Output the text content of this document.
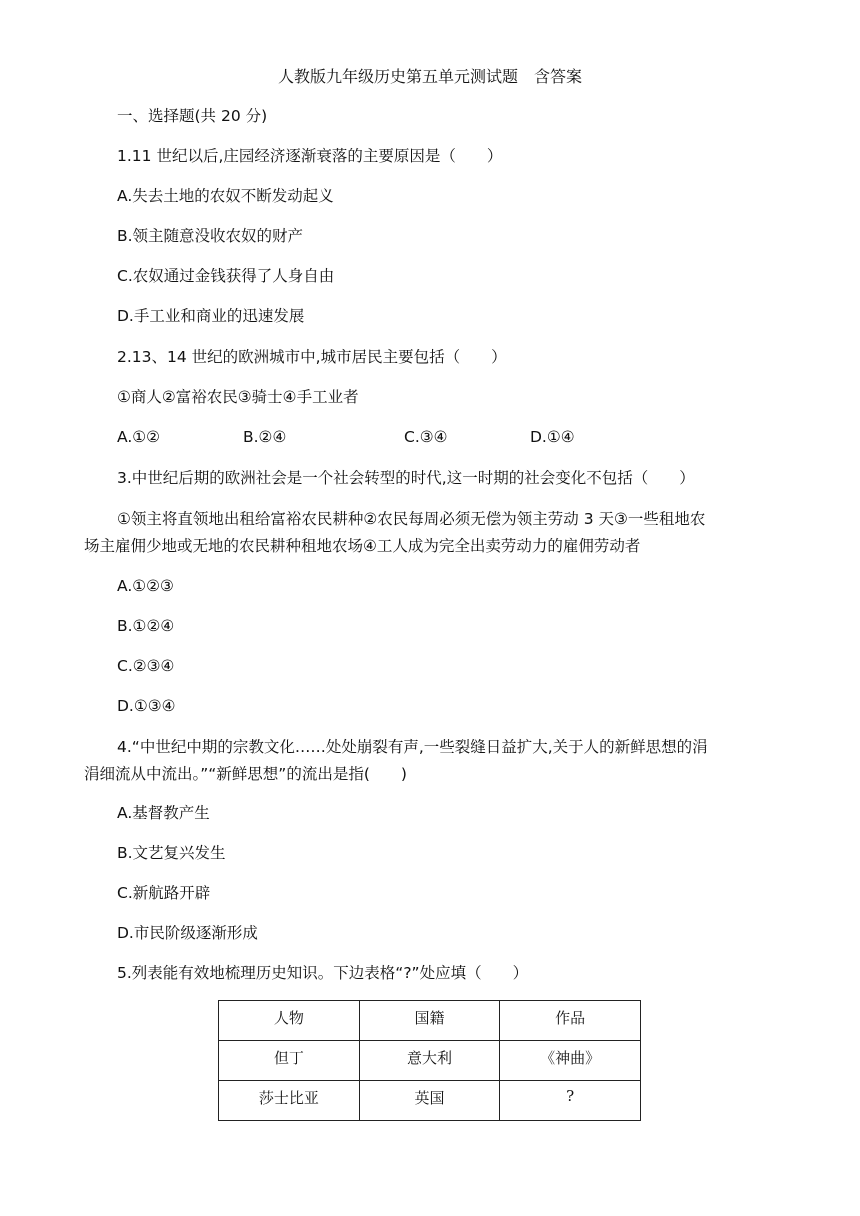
人教版九年级历史第五单元测试题　含答案
一、选择题(共 20 分)
1.11 世纪以后,庄园经济逐渐衰落的主要原因是（　　）
A.失去土地的农奴不断发动起义
B.领主随意没收农奴的财产
C.农奴通过金钱获得了人身自由
D.手工业和商业的迅速发展
2.13、14 世纪的欧洲城市中,城市居民主要包括（　　）
①商人②富裕农民③骑士④手工业者
A.①②	B.②④	C.③④	D.①④
3.中世纪后期的欧洲社会是一个社会转型的时代,这一时期的社会变化不包括（　　）
①领主将直领地出租给富裕农民耕种②农民每周必须无偿为领主劳动 3 天③一些租地农
场主雇佣少地或无地的农民耕种租地农场④工人成为完全出卖劳动力的雇佣劳动者
A.①②③
B.①②④
C.②③④
D.①③④
4.“中世纪中期的宗教文化……处处崩裂有声,一些裂缝日益扩大,关于人的新鲜思想的涓
涓细流从中流出。”“新鲜思想”的流出是指(　　)
A.基督教产生
B.文艺复兴发生
C.新航路开辟
D.市民阶级逐渐形成
5.列表能有效地梳理历史知识。下边表格“?”处应填（　　）
人物	国籍	作品
但丁	意大利	《神曲》
莎士比亚	英国	?
